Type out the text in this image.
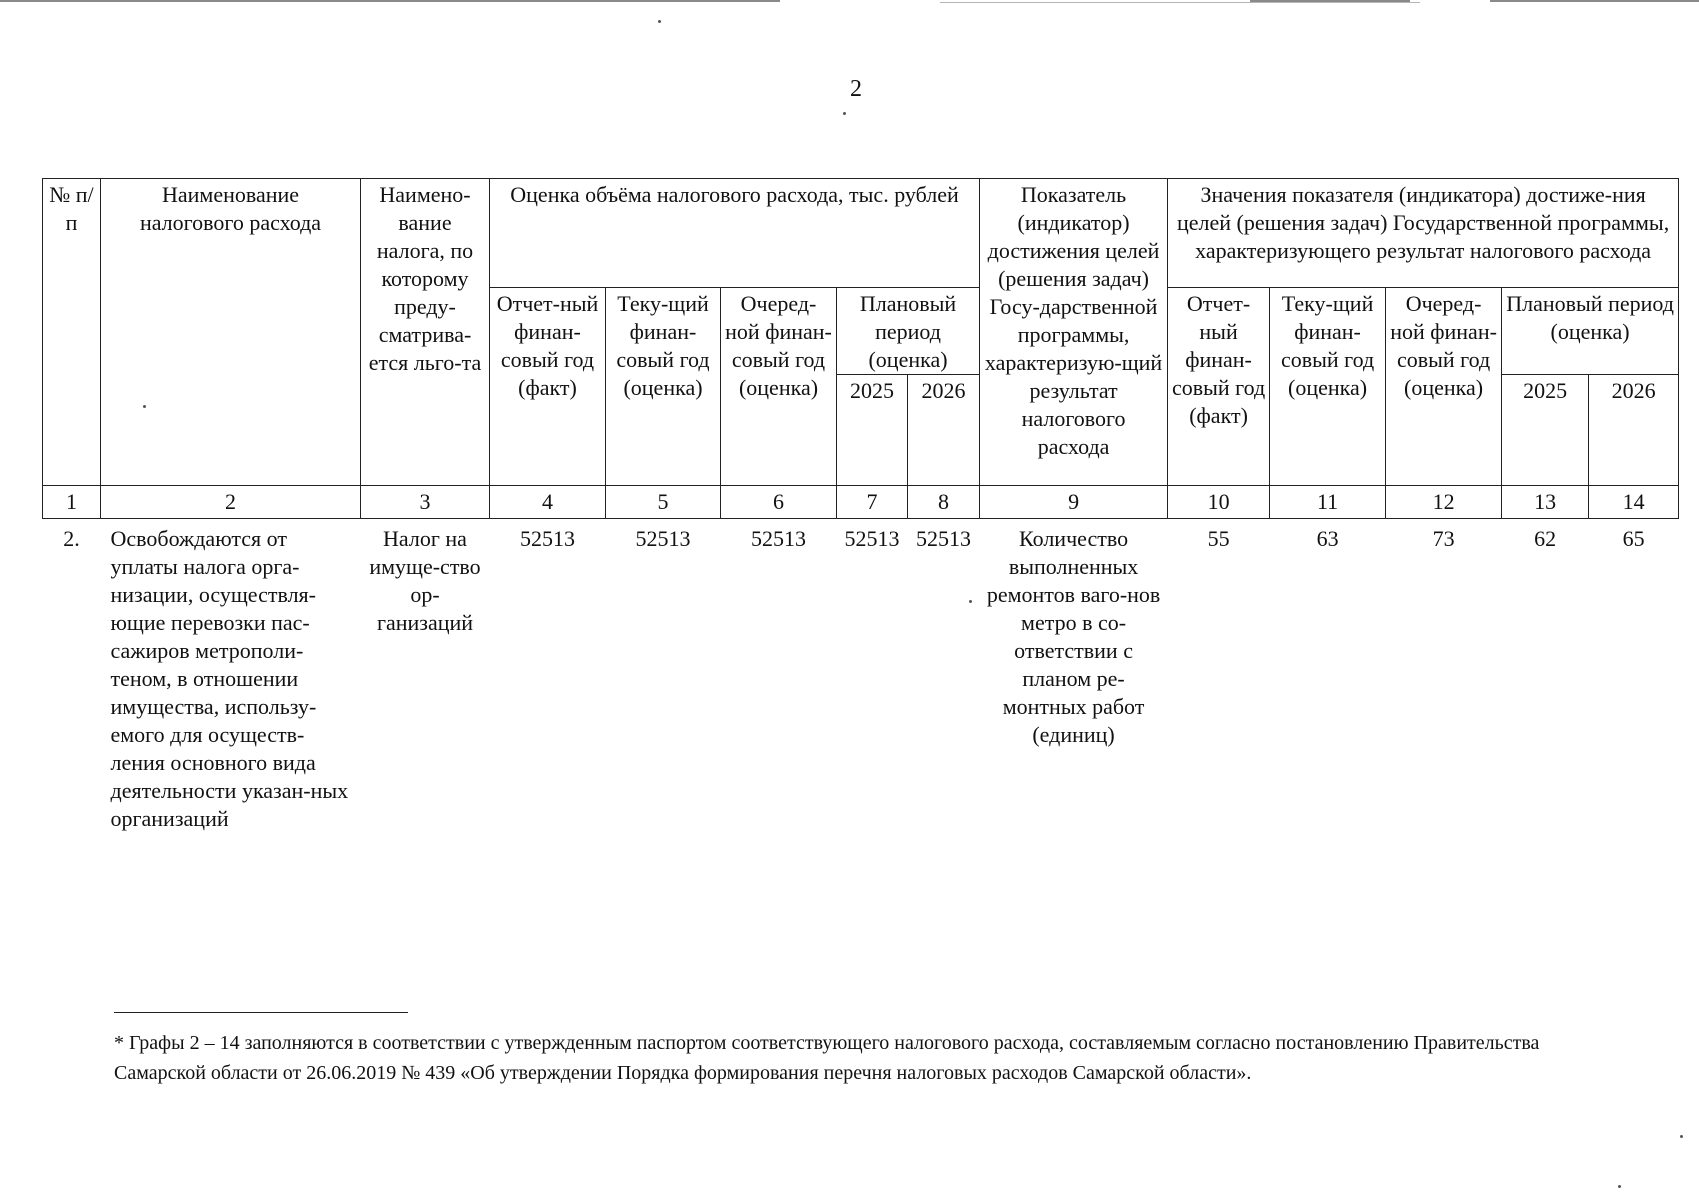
2
№ п/п	Наименование налогового расхода	Наимено-вание налога, по которому преду-сматрива-ется льго-та	Оценка объёма налогового расхода, тыс. рублей					Показатель (индикатор) достижения целей (решения задач) Госу-дарственной программы, характеризую-щий результат налогового расхода	Значения показателя (индикатора) достиже-ния целей (решения задач) Государственной программы, характеризующего результат налогового расхода				
			Отчет-ный финан-совый год (факт)	Теку-щий финан-совый год (оценка)	Очеред-ной финан-совый год (оценка)	Плановый период (оценка)			Отчет-ный финан-совый год (факт)	Теку-щий финан-совый год (оценка)	Очеред-ной финан-совый год (оценка)	Плановый период (оценка)	
						2025	2026					2025	2026
1	2	3	4	5	6	7	8	9	10	11	12	13	14
2.	Освобождаются от уплаты налога орга-низации, осуществля-ющие перевозки пас-сажиров метрополи-теном, в отношении имущества, использу-емого для осуществ-ления основного вида деятельности указан-ных организаций	Налог на имуще-ство ор-ганизаций	52513	52513	52513	52513	52513	Количество выполненных ремонтов ваго-нов метро в со-ответствии с планом ре-монтных работ (единиц)	55	63	73	62	65
* Графы 2 – 14 заполняются в соответствии с утвержденным паспортом соответствующего налогового расхода, составляемым согласно постановлению Правительства Самарской области от 26.06.2019 № 439 «Об утверждении Порядка формирования перечня налоговых расходов Самарской области».
